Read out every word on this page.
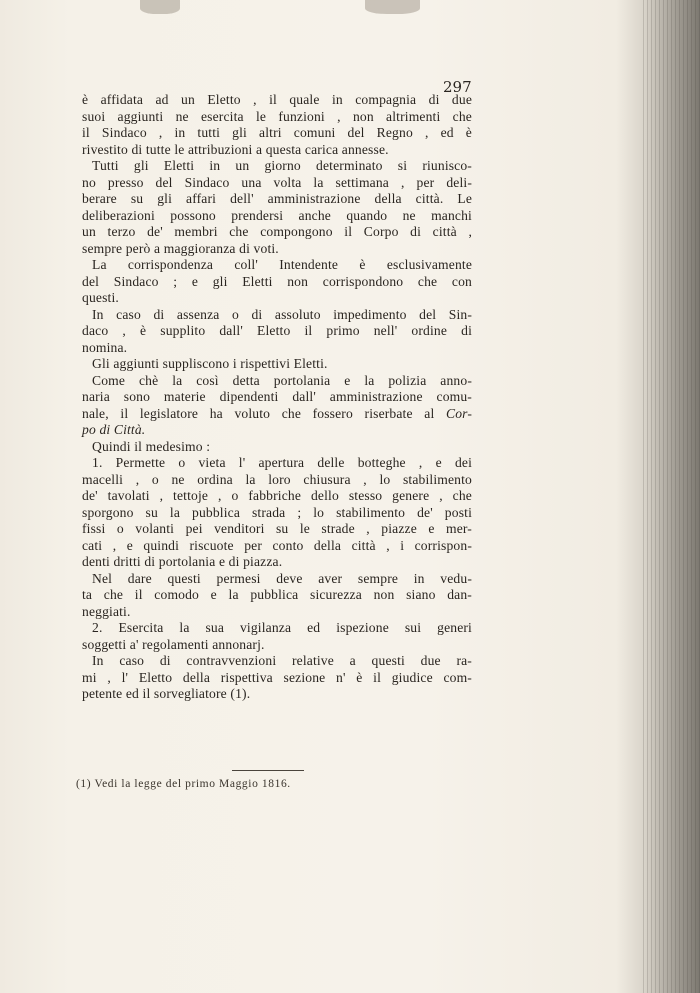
297
è affidata ad un Eletto , il quale in compagnia di due
suoi aggiunti ne esercita le funzioni , non altrimenti che
il Sindaco , in tutti gli altri comuni del Regno , ed è
rivestito di tutte le attribuzioni a questa carica annesse.
Tutti gli Eletti in un giorno determinato si riunisco-
no presso del Sindaco una volta la settimana , per deli-
berare su gli affari dell' amministrazione della città. Le
deliberazioni possono prendersi anche quando ne manchi
un terzo de' membri che compongono il Corpo di città ,
sempre però a maggioranza di voti.
La corrispondenza coll' Intendente è esclusivamente
del Sindaco ; e gli Eletti non corrispondono che con
questi.
In caso di assenza o di assoluto impedimento del Sin-
daco , è supplito dall' Eletto il primo nell' ordine di
nomina.
Gli aggiunti suppliscono i rispettivi Eletti.
Come chè la così detta portolania e la polizia anno-
naria sono materie dipendenti dall' amministrazione comu-
nale, il legislatore ha voluto che fossero riserbate al Cor-
po di Città.
Quindi il medesimo :
1. Permette o vieta l' apertura delle botteghe , e dei
macelli , o ne ordina la loro chiusura , lo stabilimento
de' tavolati , tettoje , o fabbriche dello stesso genere , che
sporgono su la pubblica strada ; lo stabilimento de' posti
fissi o volanti pei venditori su le strade , piazze e mer-
cati , e quindi riscuote per conto della città , i corrispon-
denti dritti di portolania e di piazza.
Nel dare questi permesi deve aver sempre in vedu-
ta che il comodo e la pubblica sicurezza non siano dan-
neggiati.
2. Esercita la sua vigilanza ed ispezione sui generi
soggetti a' regolamenti annonarj.
In caso di contravvenzioni relative a questi due ra-
mi , l' Eletto della rispettiva sezione n' è il giudice com-
petente ed il sorvegliatore (1).
(1) Vedi la legge del primo Maggio 1816.
